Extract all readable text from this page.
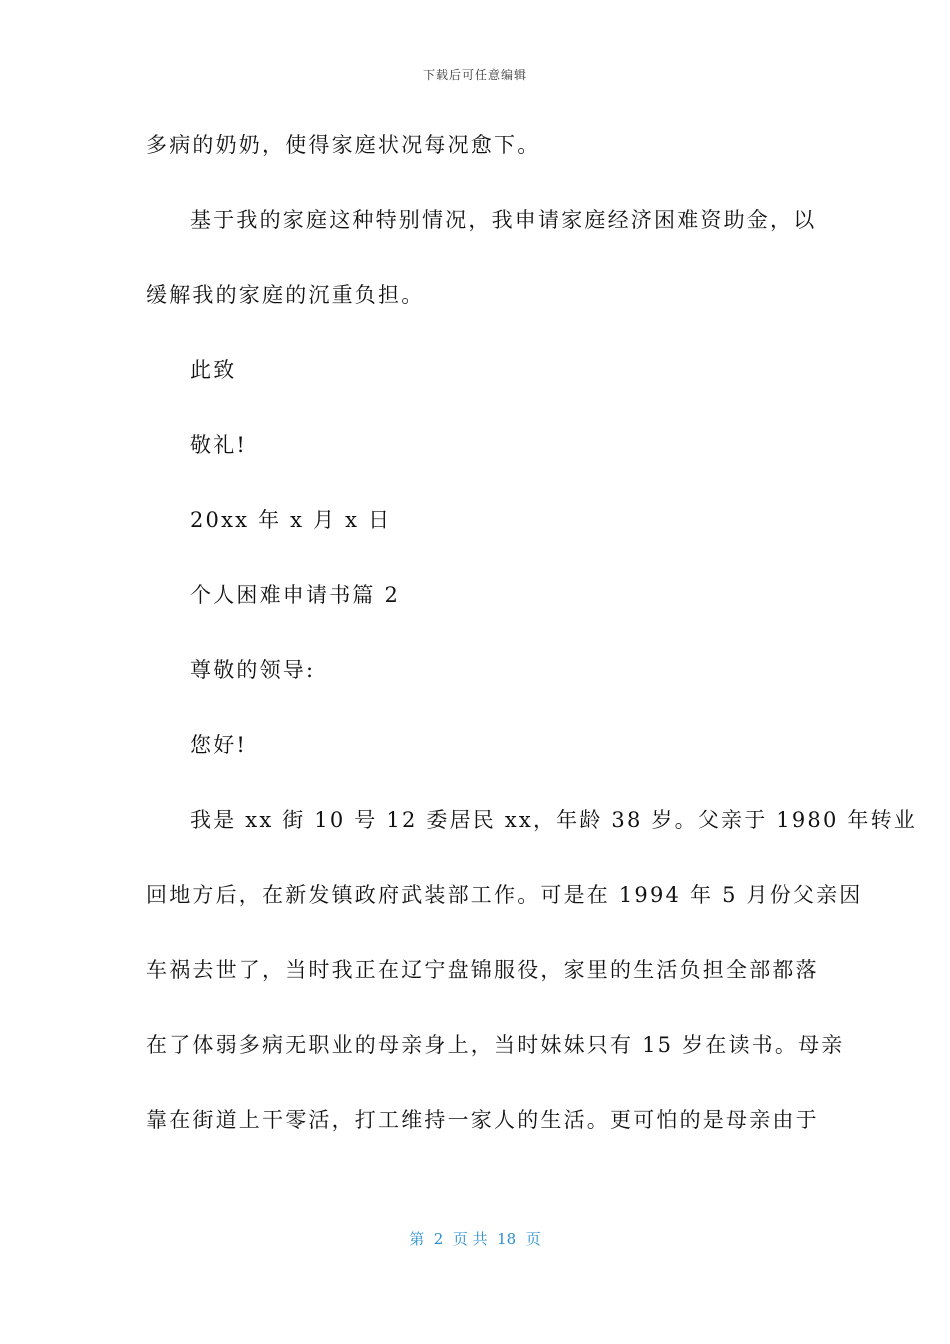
下载后可任意编辑
多病的奶奶，使得家庭状况每况愈下。
基于我的家庭这种特别情况，我申请家庭经济困难资助金，以
缓解我的家庭的沉重负担。
此致
敬礼!
20xx 年 x 月 x 日
个人困难申请书篇 2
尊敬的领导:
您好!
我是 xx 街 10 号 12 委居民 xx，年龄 38 岁。父亲于 1980 年转业
回地方后，在新发镇政府武装部工作。可是在 1994 年 5 月份父亲因
车祸去世了，当时我正在辽宁盘锦服役，家里的生活负担全部都落
在了体弱多病无职业的母亲身上，当时妹妹只有 15 岁在读书。母亲
靠在街道上干零活，打工维持一家人的生活。更可怕的是母亲由于
第  2  页 共  18  页
